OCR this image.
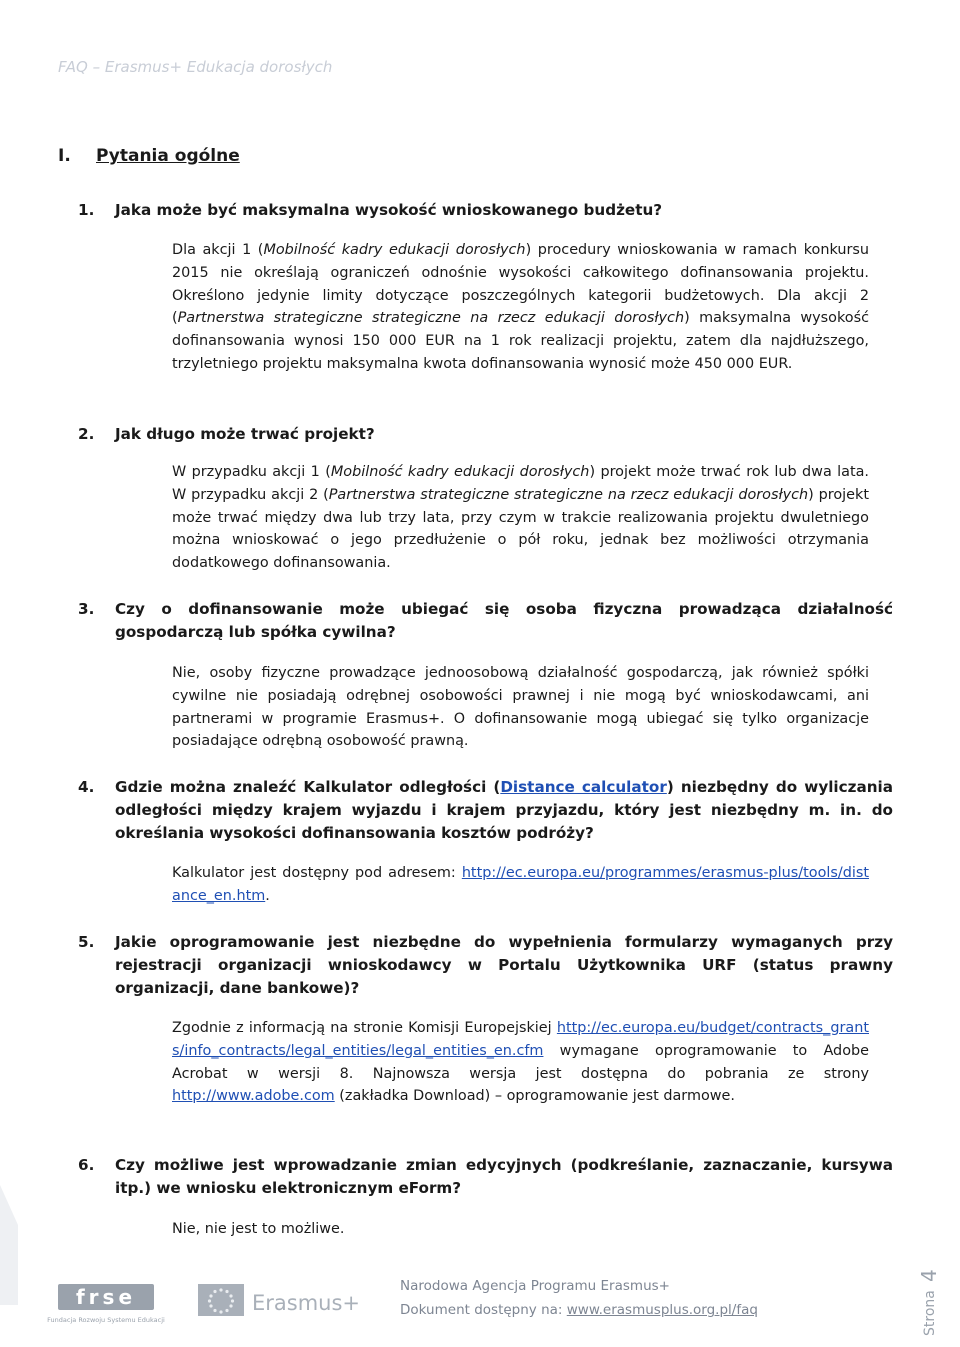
FAQ – Erasmus+ Edukacja dorosłych
I. Pytania ogólne
1. Jaka może być maksymalna wysokość wnioskowanego budżetu?
Dla akcji 1 (Mobilność kadry edukacji dorosłych) procedury wnioskowania w ramach konkursu 2015 nie określają ograniczeń odnośnie wysokości całkowitego dofinansowania projektu. Określono jedynie limity dotyczące poszczególnych kategorii budżetowych. Dla akcji 2 (Partnerstwa strategiczne strategiczne na rzecz edukacji dorosłych) maksymalna wysokość dofinansowania wynosi 150 000 EUR na 1 rok realizacji projektu, zatem dla najdłuższego, trzyletniego projektu maksymalna kwota dofinansowania wynosić może 450 000 EUR.
2. Jak długo może trwać projekt?
W przypadku akcji 1 (Mobilność kadry edukacji dorosłych) projekt może trwać rok lub dwa lata. W przypadku akcji 2 (Partnerstwa strategiczne strategiczne na rzecz edukacji dorosłych) projekt może trwać między dwa lub trzy lata, przy czym w trakcie realizowania projektu dwuletniego można wnioskować o jego przedłużenie o pół roku, jednak bez możliwości otrzymania dodatkowego dofinansowania.
3. Czy o dofinansowanie może ubiegać się osoba fizyczna prowadząca działalność gospodarczą lub spółka cywilna?
Nie, osoby fizyczne prowadzące jednoosobową działalność gospodarczą, jak również spółki cywilne nie posiadają odrębnej osobowości prawnej i nie mogą być wnioskodawcami, ani partnerami w programie Erasmus+. O dofinansowanie mogą ubiegać się tylko organizacje posiadające odrębną osobowość prawną.
4. Gdzie można znaleźć Kalkulator odległości (Distance calculator) niezbędny do wyliczania odległości między krajem wyjazdu i krajem przyjazdu, który jest niezbędny m. in. do określania wysokości dofinansowania kosztów podróży?
Kalkulator jest dostępny pod adresem: http://ec.europa.eu/programmes/erasmus-plus/tools/distance_en.htm.
5. Jakie oprogramowanie jest niezbędne do wypełnienia formularzy wymaganych przy rejestracji organizacji wnioskodawcy w Portalu Użytkownika URF (status prawny organizacji, dane bankowe)?
Zgodnie z informacją na stronie Komisji Europejskiej http://ec.europa.eu/budget/contracts_grants/info_contracts/legal_entities/legal_entities_en.cfm wymagane oprogramowanie to Adobe Acrobat w wersji 8. Najnowsza wersja jest dostępna do pobrania ze strony http://www.adobe.com (zakładka Download) – oprogramowanie jest darmowe.
6. Czy możliwe jest wprowadzanie zmian edycyjnych (podkreślanie, zaznaczanie, kursywa itp.) we wniosku elektronicznym eForm?
Nie, nie jest to możliwe.
frse
Fundacja Rozwoju Systemu Edukacji
Erasmus+
Narodowa Agencja Programu Erasmus+
Dokument dostępny na: www.erasmusplus.org.pl/faq	Strona
4
